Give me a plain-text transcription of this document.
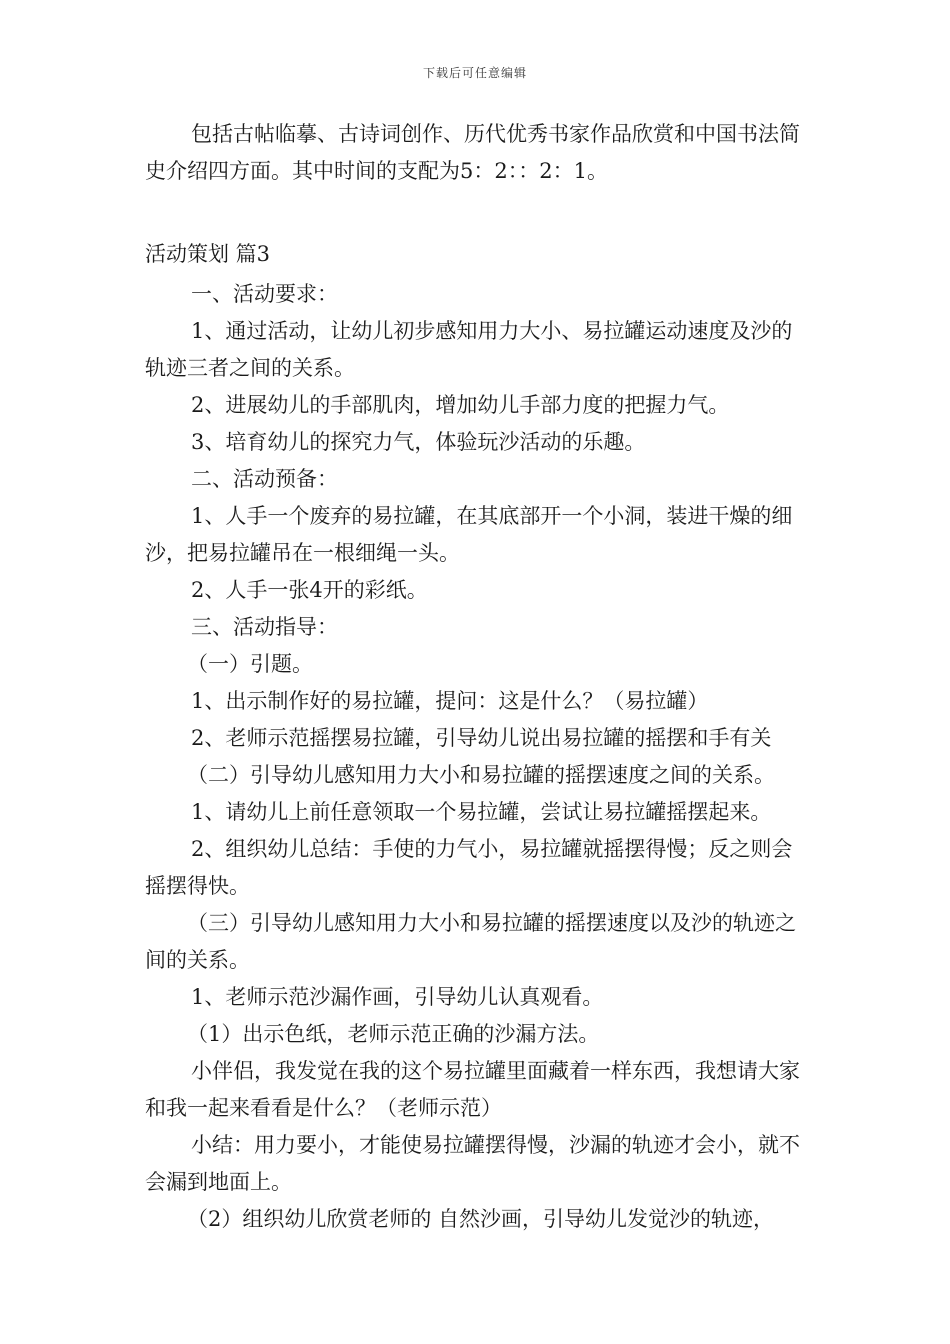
下载后可任意编辑

包括古帖临摹、古诗词创作、历代优秀书家作品欣赏和中国书法简史介绍四方面。其中时间的支配为5：2：：2：1。

活动策划 篇3

一、活动要求：

1、通过活动，让幼儿初步感知用力大小、易拉罐运动速度及沙的轨迹三者之间的关系。

2、进展幼儿的手部肌肉，增加幼儿手部力度的把握力气。

3、培育幼儿的探究力气，体验玩沙活动的乐趣。

二、活动预备：

1、人手一个废弃的易拉罐，在其底部开一个小洞，装进干燥的细沙，把易拉罐吊在一根细绳一头。

2、人手一张4开的彩纸。

三、活动指导：

（一）引题。

1、出示制作好的易拉罐，提问：这是什么？（易拉罐）

2、老师示范摇摆易拉罐，引导幼儿说出易拉罐的摇摆和手有关

（二）引导幼儿感知用力大小和易拉罐的摇摆速度之间的关系。

1、请幼儿上前任意领取一个易拉罐，尝试让易拉罐摇摆起来。

2、组织幼儿总结：手使的力气小，易拉罐就摇摆得慢；反之则会摇摆得快。

（三）引导幼儿感知用力大小和易拉罐的摇摆速度以及沙的轨迹之间的关系。

1、老师示范沙漏作画，引导幼儿认真观看。

（1）出示色纸，老师示范正确的沙漏方法。

小伴侣，我发觉在我的这个易拉罐里面藏着一样东西，我想请大家和我一起来看看是什么？（老师示范）

小结：用力要小，才能使易拉罐摆得慢，沙漏的轨迹才会小，就不会漏到地面上。

（2）组织幼儿欣赏老师的 自然沙画，引导幼儿发觉沙的轨迹，
